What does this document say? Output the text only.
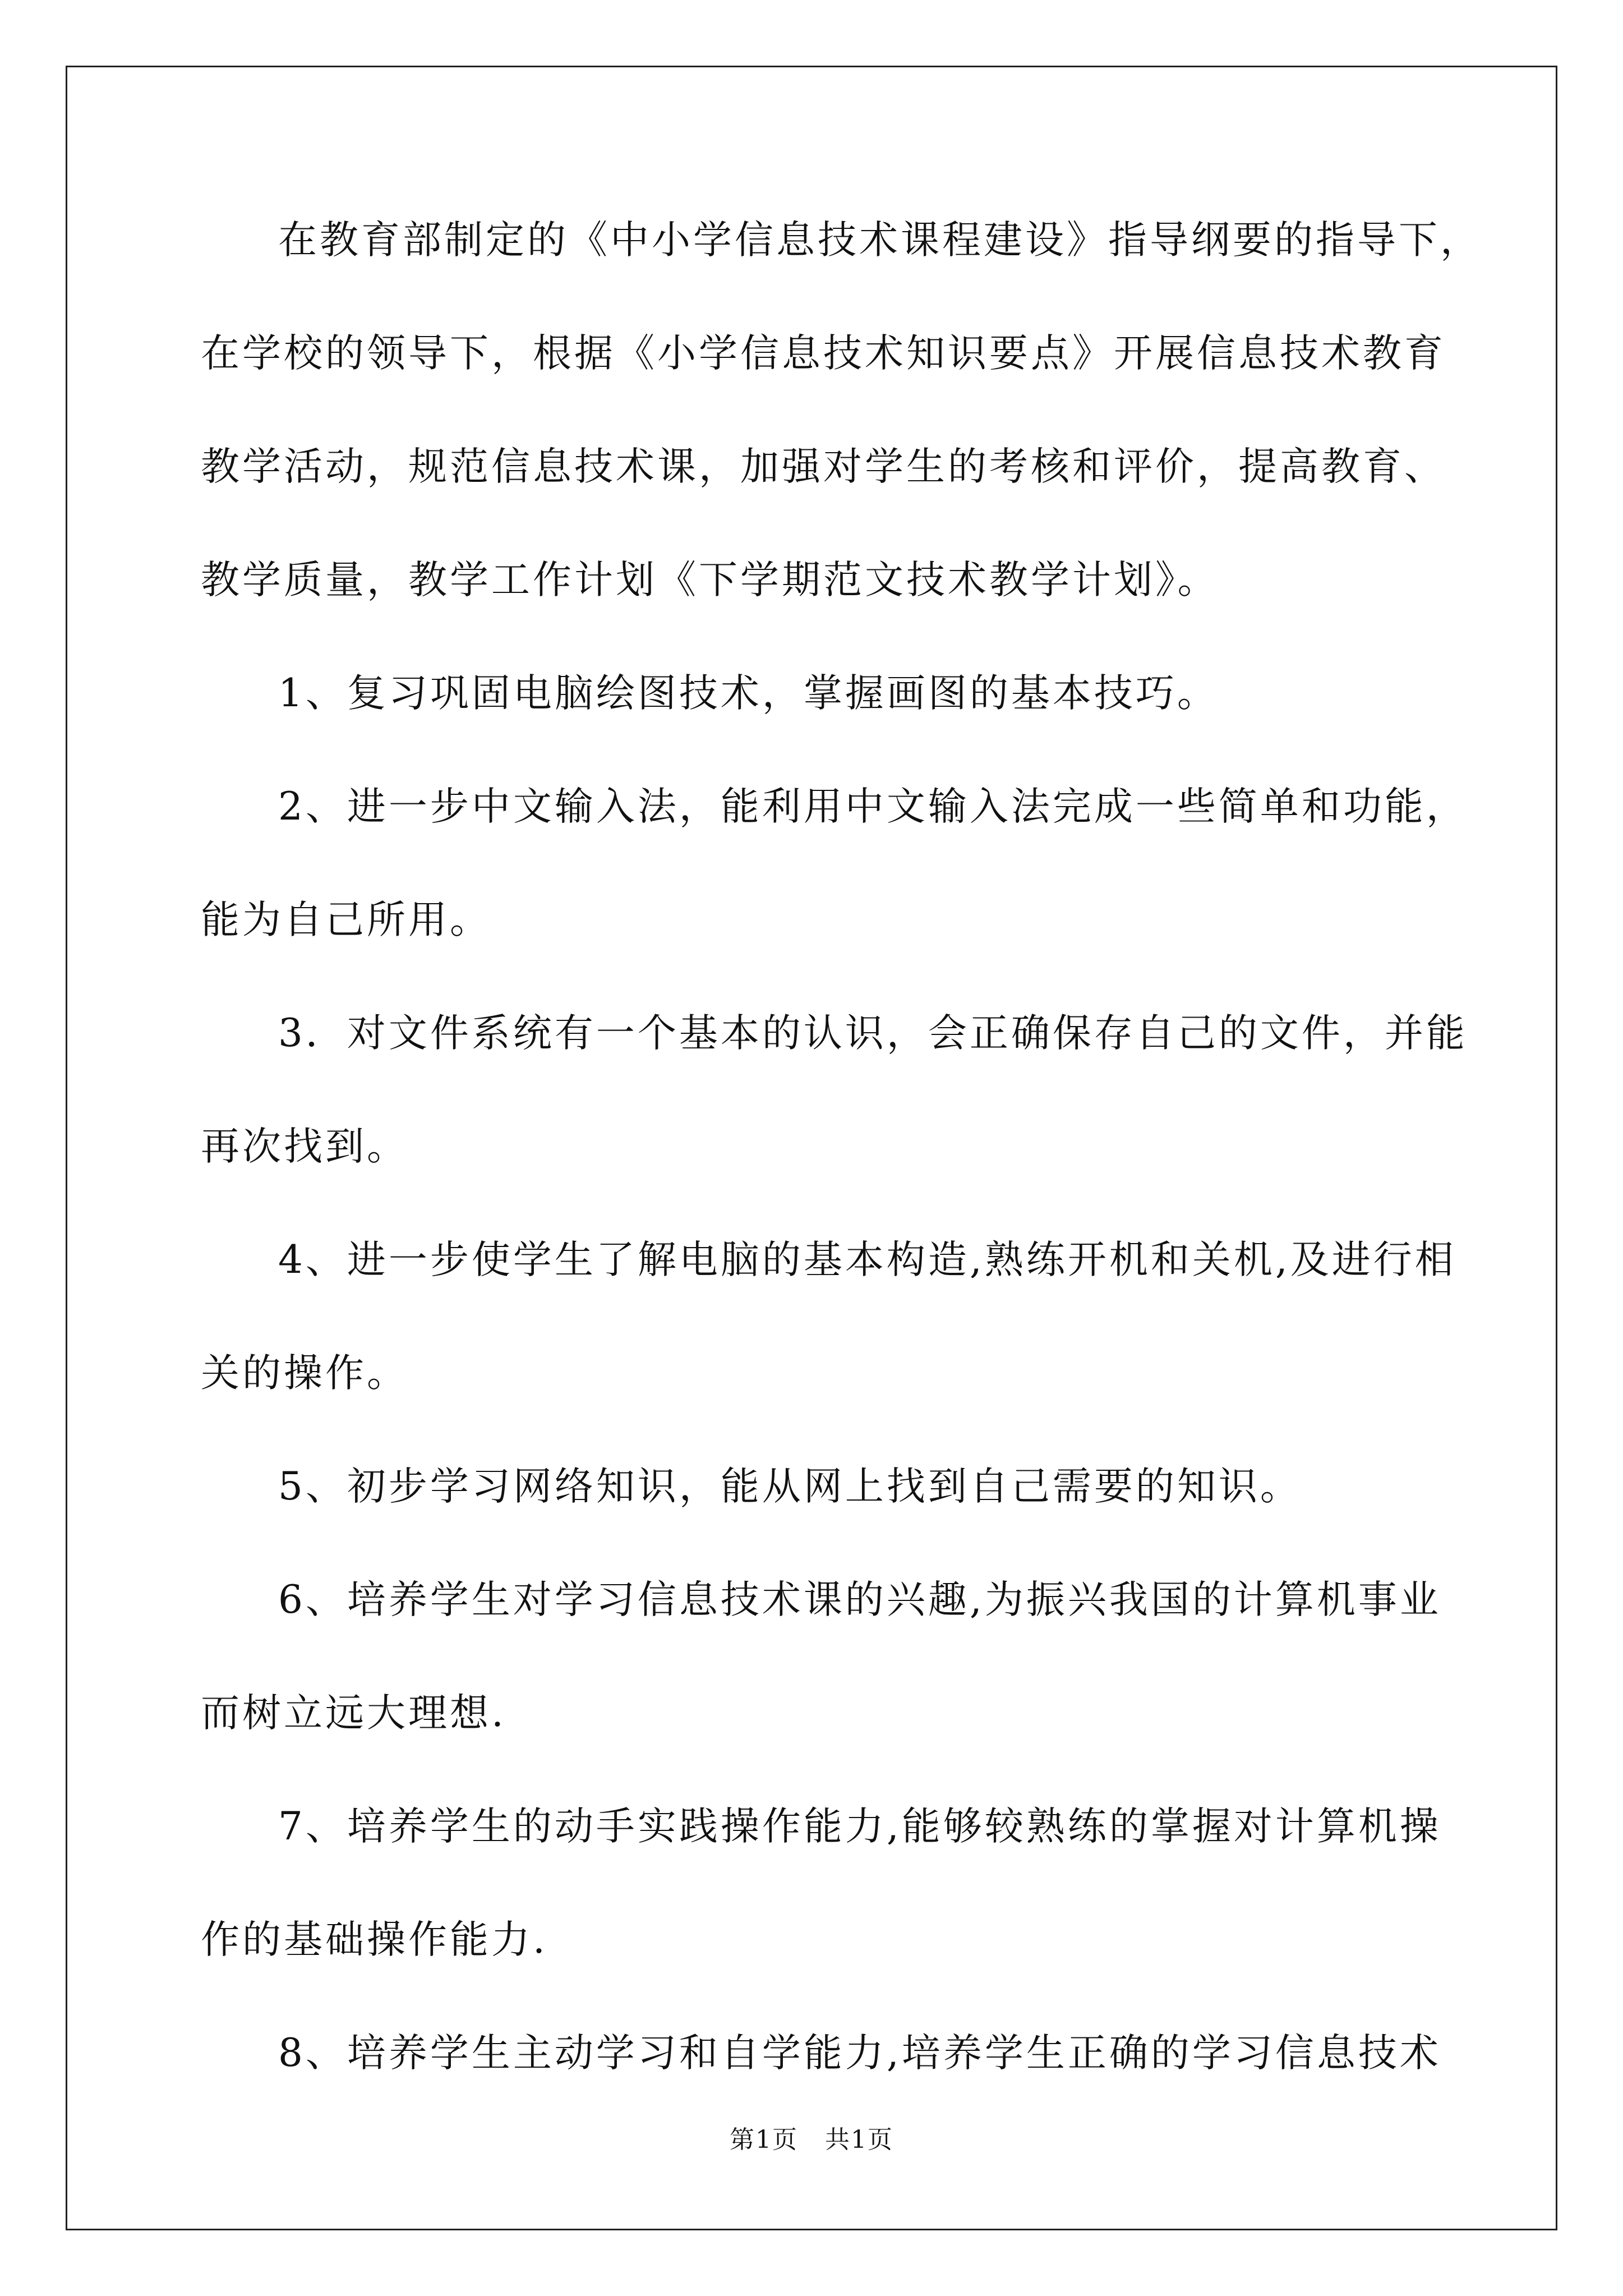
在教育部制定的《中小学信息技术课程建设》指导纲要的指导下，
在学校的领导下，根据《小学信息技术知识要点》开展信息技术教育
教学活动，规范信息技术课，加强对学生的考核和评价，提高教育、
教学质量，教学工作计划《下学期范文技术教学计划》。
1、复习巩固电脑绘图技术，掌握画图的基本技巧。
2、进一步中文输入法，能利用中文输入法完成一些简单和功能，
能为自己所用。
3．对文件系统有一个基本的认识，会正确保存自己的文件，并能
再次找到。
4、进一步使学生了解电脑的基本构造,熟练开机和关机,及进行相
关的操作。
5、初步学习网络知识，能从网上找到自己需要的知识。
6、培养学生对学习信息技术课的兴趣,为振兴我国的计算机事业
而树立远大理想.
7、培养学生的动手实践操作能力,能够较熟练的掌握对计算机操
作的基础操作能力.
8、培养学生主动学习和自学能力,培养学生正确的学习信息技术
第1页 共1页
